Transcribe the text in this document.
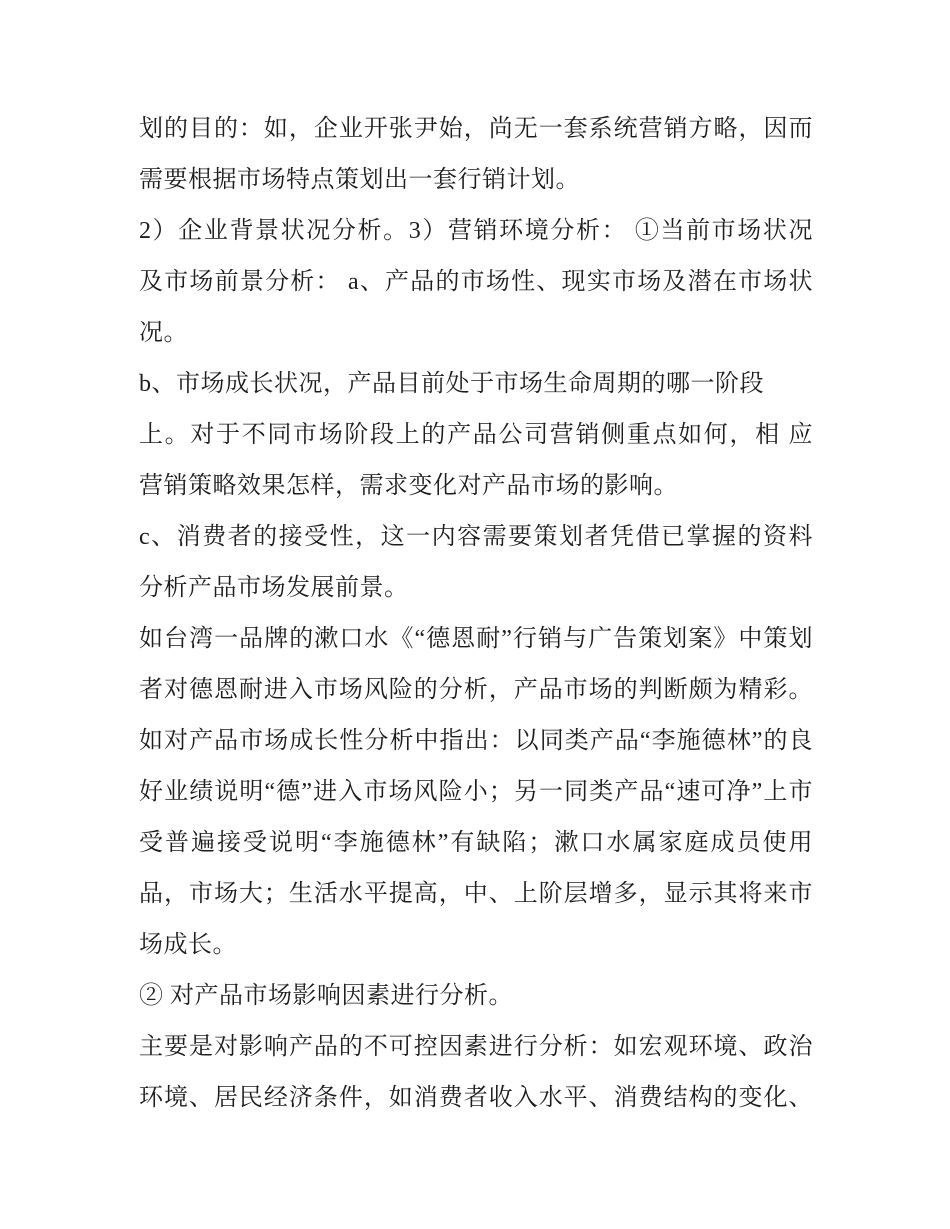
划的目的：如，企业开张尹始，尚无一套系统营销方略，因而
需要根据市场特点策划出一套行销计划。
2）企业背景状况分析。3）营销环境分析： ①当前市场状况
及市场前景分析： a、产品的市场性、现实市场及潜在市场状
况。
b、市场成长状况，产品目前处于市场生命周期的哪一阶段
上。对于不同市场阶段上的产品公司营销侧重点如何，相 应
营销策略效果怎样，需求变化对产品市场的影响。
c、消费者的接受性，这一内容需要策划者凭借已掌握的资料
分析产品市场发展前景。
如台湾一品牌的漱口水《“德恩耐”行销与广告策划案》中策划
者对德恩耐进入市场风险的分析，产品市场的判断颇为精彩。
如对产品市场成长性分析中指出：以同类产品“李施德林”的良
好业绩说明“德”进入市场风险小；另一同类产品“速可净”上市
受普遍接受说明“李施德林”有缺陷；漱口水属家庭成员使用
品，市场大；生活水平提高，中、上阶层增多，显示其将来市
场成长。
② 对产品市场影响因素进行分析。
主要是对影响产品的不可控因素进行分析：如宏观环境、政治
环境、居民经济条件，如消费者收入水平、消费结构的变化、
